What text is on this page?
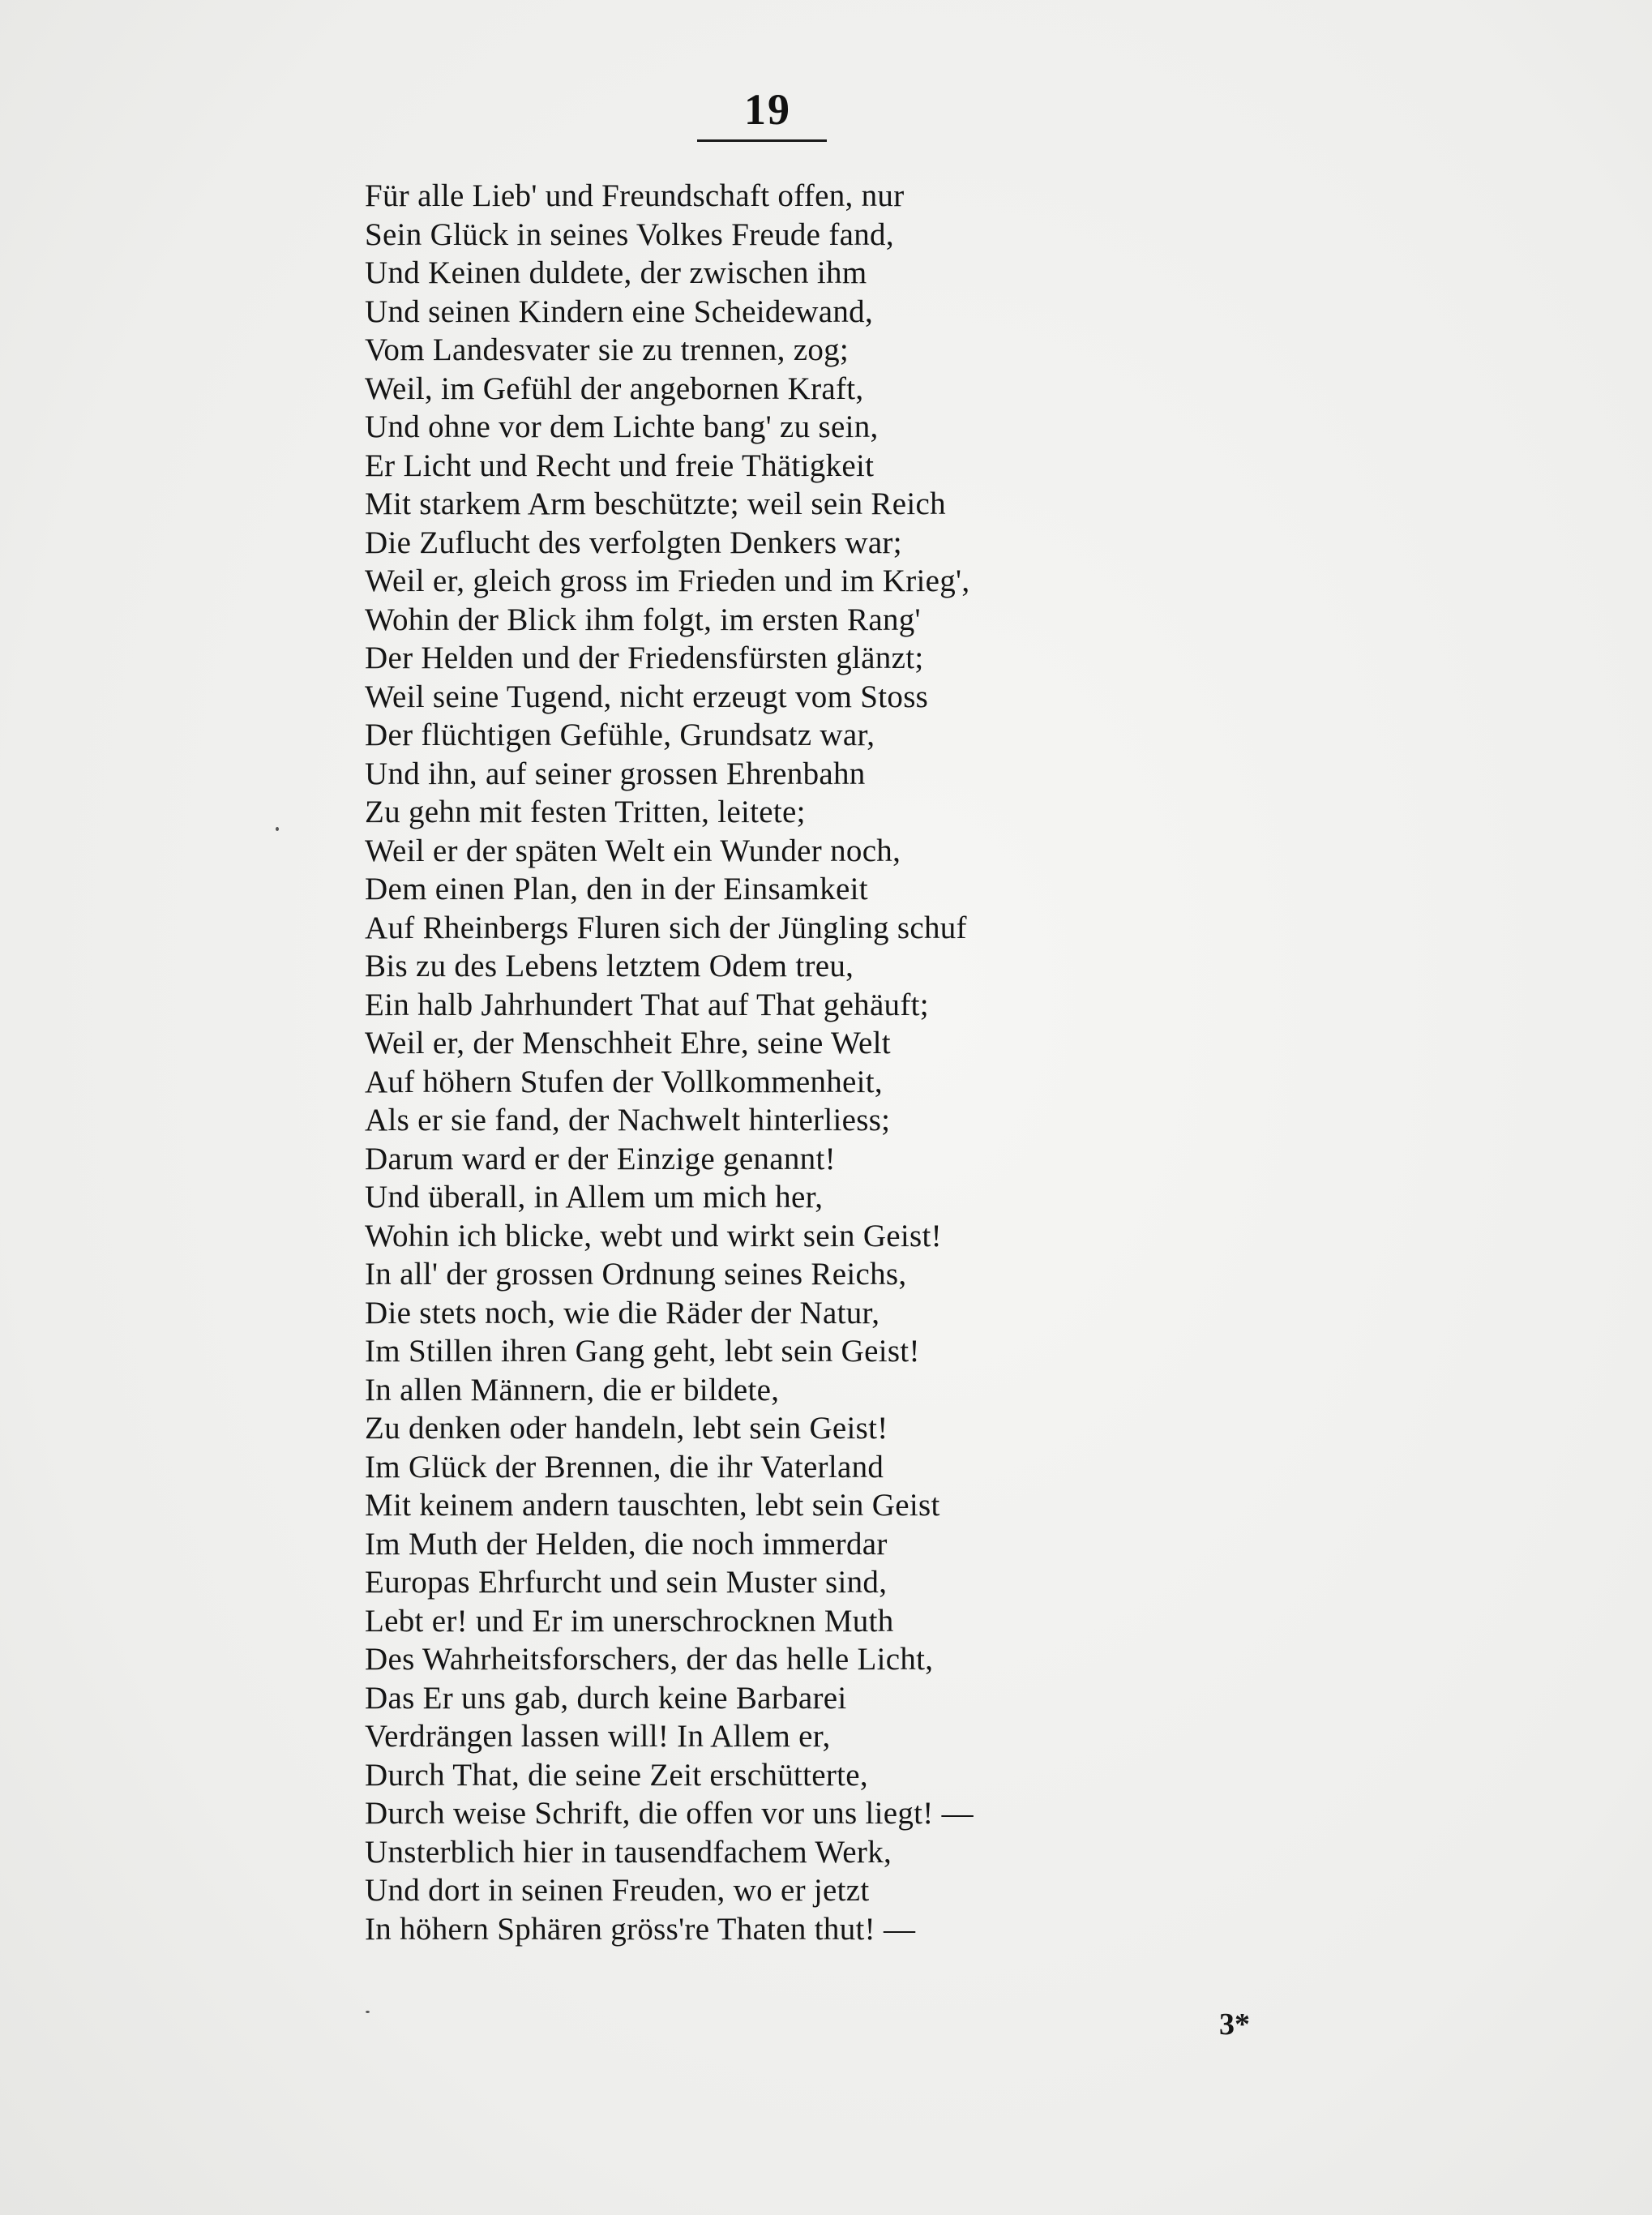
19
Für alle Lieb' und Freundschaft offen, nur
Sein Glück in seines Volkes Freude fand,
Und Keinen duldete, der zwischen ihm
Und seinen Kindern eine Scheidewand,
Vom Landesvater sie zu trennen, zog;
Weil, im Gefühl der angebornen Kraft,
Und ohne vor dem Lichte bang' zu sein,
Er Licht und Recht und freie Thätigkeit
Mit starkem Arm beschützte; weil sein Reich
Die Zuflucht des verfolgten Denkers war;
Weil er, gleich gross im Frieden und im Krieg',
Wohin der Blick ihm folgt, im ersten Rang'
Der Helden und der Friedensfürsten glänzt;
Weil seine Tugend, nicht erzeugt vom Stoss
Der flüchtigen Gefühle, Grundsatz war,
Und ihn, auf seiner grossen Ehrenbahn
Zu gehn mit festen Tritten, leitete;
Weil er der späten Welt ein Wunder noch,
Dem einen Plan, den in der Einsamkeit
Auf Rheinbergs Fluren sich der Jüngling schuf
Bis zu des Lebens letztem Odem treu,
Ein halb Jahrhundert That auf That gehäuft;
Weil er, der Menschheit Ehre, seine Welt
Auf höhern Stufen der Vollkommenheit,
Als er sie fand, der Nachwelt hinterliess;
Darum ward er der Einzige genannt!
Und überall, in Allem um mich her,
Wohin ich blicke, webt und wirkt sein Geist!
In all' der grossen Ordnung seines Reichs,
Die stets noch, wie die Räder der Natur,
Im Stillen ihren Gang geht, lebt sein Geist!
In allen Männern, die er bildete,
Zu denken oder handeln, lebt sein Geist!
Im Glück der Brennen, die ihr Vaterland
Mit keinem andern tauschten, lebt sein Geist
Im Muth der Helden, die noch immerdar
Europas Ehrfurcht und sein Muster sind,
Lebt er! und Er im unerschrocknen Muth
Des Wahrheitsforschers, der das helle Licht,
Das Er uns gab, durch keine Barbarei
Verdrängen lassen will! In Allem er,
Durch That, die seine Zeit erschütterte,
Durch weise Schrift, die offen vor uns liegt! —
Unsterblich hier in tausendfachem Werk,
Und dort in seinen Freuden, wo er jetzt
In höhern Sphären gröss're Thaten thut! —
3*
